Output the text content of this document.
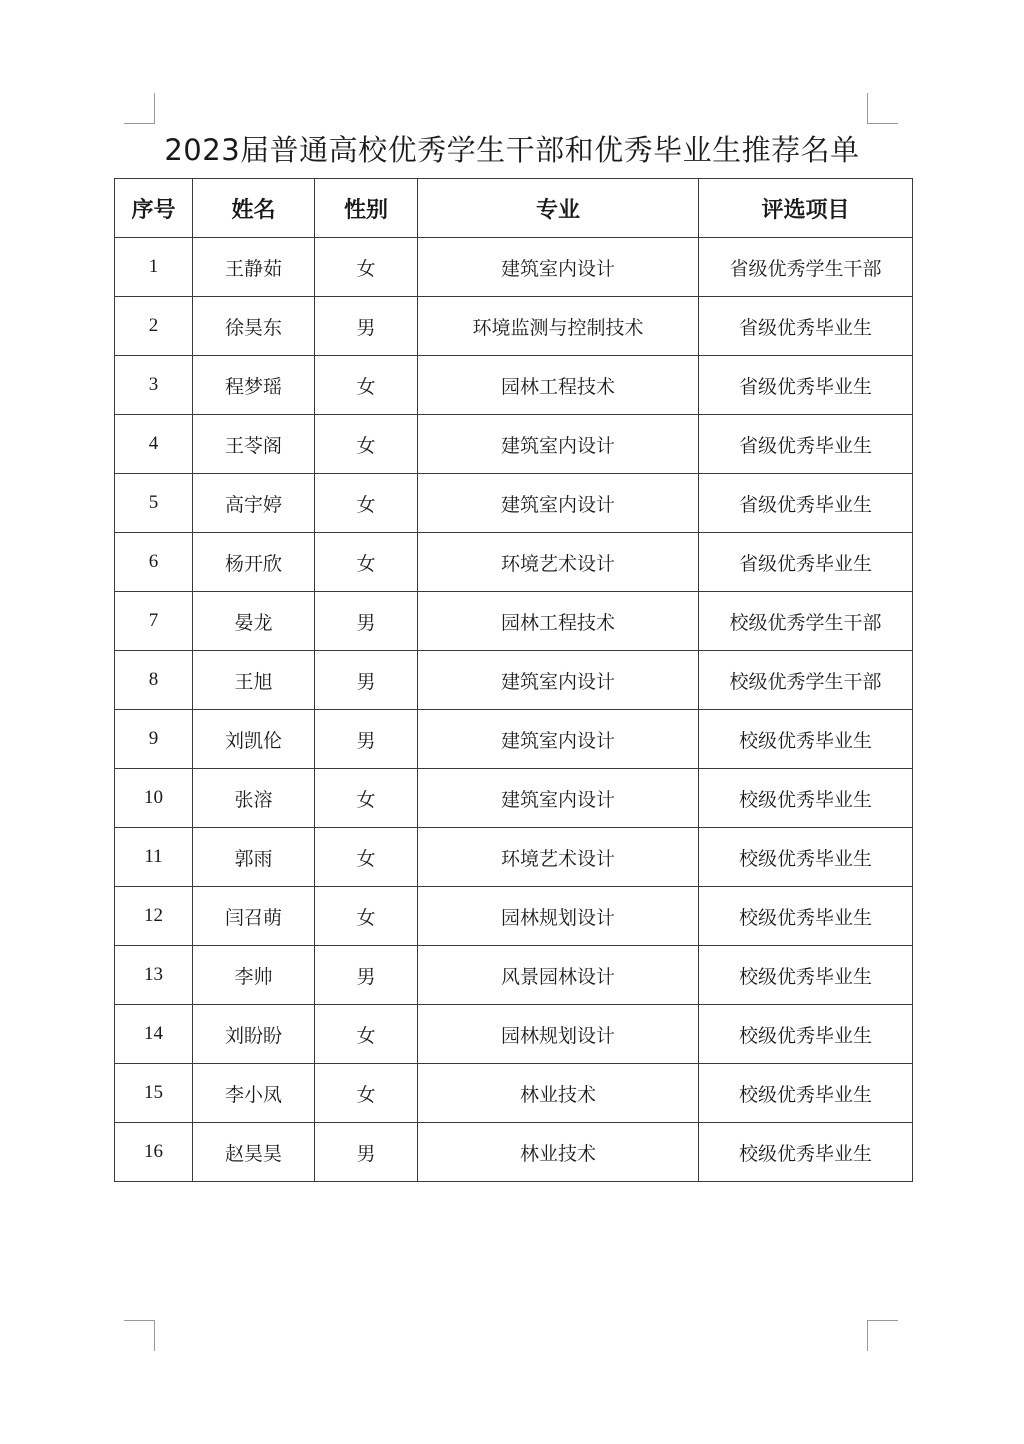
2023届普通高校优秀学生干部和优秀毕业生推荐名单
序号	姓名	性别	专业	评选项目
1	王静茹	女	建筑室内设计	省级优秀学生干部
2	徐昊东	男	环境监测与控制技术	省级优秀毕业生
3	程梦瑶	女	园林工程技术	省级优秀毕业生
4	王苓阁	女	建筑室内设计	省级优秀毕业生
5	高宇婷	女	建筑室内设计	省级优秀毕业生
6	杨开欣	女	环境艺术设计	省级优秀毕业生
7	晏龙	男	园林工程技术	校级优秀学生干部
8	王旭	男	建筑室内设计	校级优秀学生干部
9	刘凯伦	男	建筑室内设计	校级优秀毕业生
10	张溶	女	建筑室内设计	校级优秀毕业生
11	郭雨	女	环境艺术设计	校级优秀毕业生
12	闫召萌	女	园林规划设计	校级优秀毕业生
13	李帅	男	风景园林设计	校级优秀毕业生
14	刘盼盼	女	园林规划设计	校级优秀毕业生
15	李小凤	女	林业技术	校级优秀毕业生
16	赵昊昊	男	林业技术	校级优秀毕业生
